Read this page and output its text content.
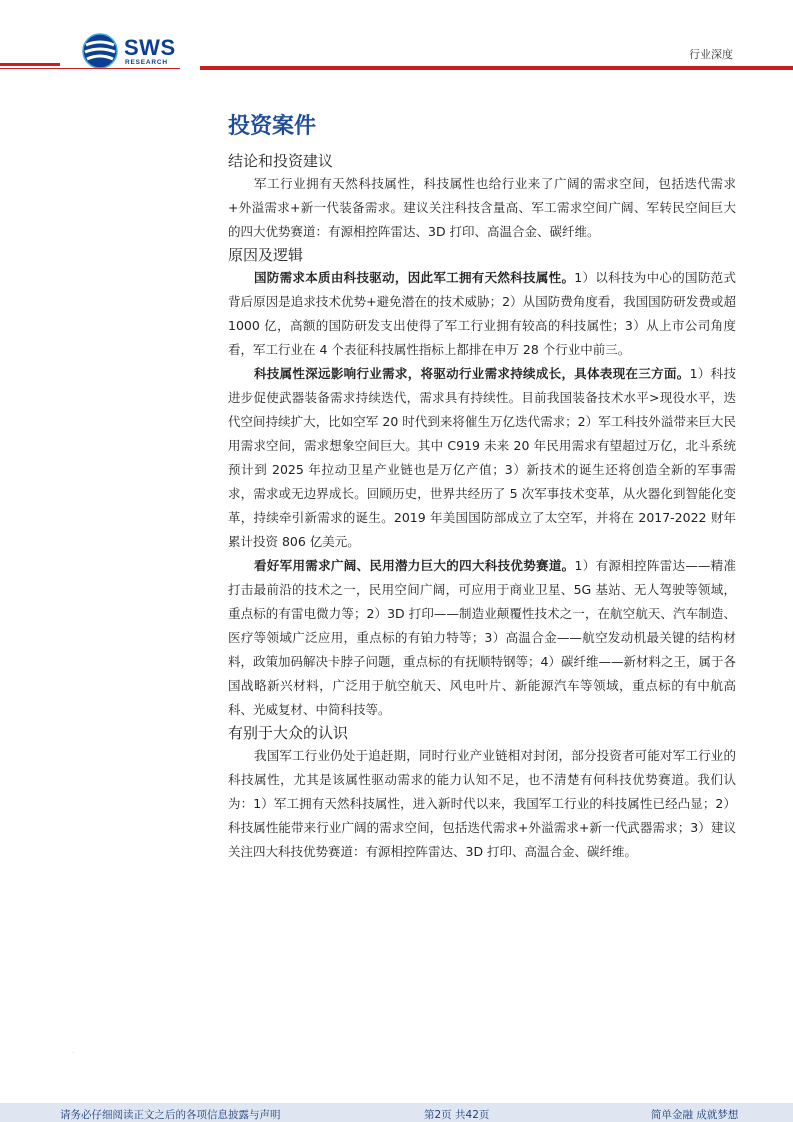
SWS
RESEARCH
行业深度
投资案件
结论和投资建议

军工行业拥有天然科技属性，科技属性也给行业来了广阔的需求空间，包括迭代需求+外溢需求+新一代装备需求。建议关注科技含量高、军工需求空间广阔、军转民空间巨大的四大优势赛道：有源相控阵雷达、3D 打印、高温合金、碳纤维。

原因及逻辑

国防需求本质由科技驱动，因此军工拥有天然科技属性。1）以科技为中心的国防范式背后原因是追求技术优势+避免潜在的技术威胁；2）从国防费角度看，我国国防研发费或超 1000 亿，高额的国防研发支出使得了军工行业拥有较高的科技属性；3）从上市公司角度看，军工行业在 4 个表征科技属性指标上都排在申万 28 个行业中前三。

科技属性深远影响行业需求，将驱动行业需求持续成长，具体表现在三方面。1）科技进步促使武器装备需求持续迭代，需求具有持续性。目前我国装备技术水平>现役水平，迭代空间持续扩大，比如空军 20 时代到来将催生万亿迭代需求；2）军工科技外溢带来巨大民用需求空间，需求想象空间巨大。其中 C919 未来 20 年民用需求有望超过万亿，北斗系统预计到 2025 年拉动卫星产业链也是万亿产值；3）新技术的诞生还将创造全新的军事需求，需求或无边界成长。回顾历史，世界共经历了 5 次军事技术变革，从火器化到智能化变革，持续牵引新需求的诞生。2019 年美国国防部成立了太空军，并将在 2017-2022 财年累计投资 806 亿美元。

看好军用需求广阔、民用潜力巨大的四大科技优势赛道。1）有源相控阵雷达——精准打击最前沿的技术之一，民用空间广阔，可应用于商业卫星、5G 基站、无人驾驶等领域，重点标的有雷电微力等；2）3D 打印——制造业颠覆性技术之一，在航空航天、汽车制造、医疗等领域广泛应用，重点标的有铂力特等；3）高温合金——航空发动机最关键的结构材料，政策加码解决卡脖子问题，重点标的有抚顺特钢等；4）碳纤维——新材料之王，属于各国战略新兴材料，广泛用于航空航天、风电叶片、新能源汽车等领域，重点标的有中航高科、光威复材、中简科技等。

有别于大众的认识

我国军工行业仍处于追赶期，同时行业产业链相对封闭，部分投资者可能对军工行业的科技属性，尤其是该属性驱动需求的能力认知不足，也不清楚有何科技优势赛道。我们认为：1）军工拥有天然科技属性，进入新时代以来，我国军工行业的科技属性已经凸显；2）科技属性能带来行业广阔的需求空间，包括迭代需求+外溢需求+新一代武器需求；3）建议关注四大科技优势赛道：有源相控阵雷达、3D 打印、高温合金、碳纤维。

·
请务必仔细阅读正文之后的各项信息披露与声明	第2页 共42页	简单金融 成就梦想
